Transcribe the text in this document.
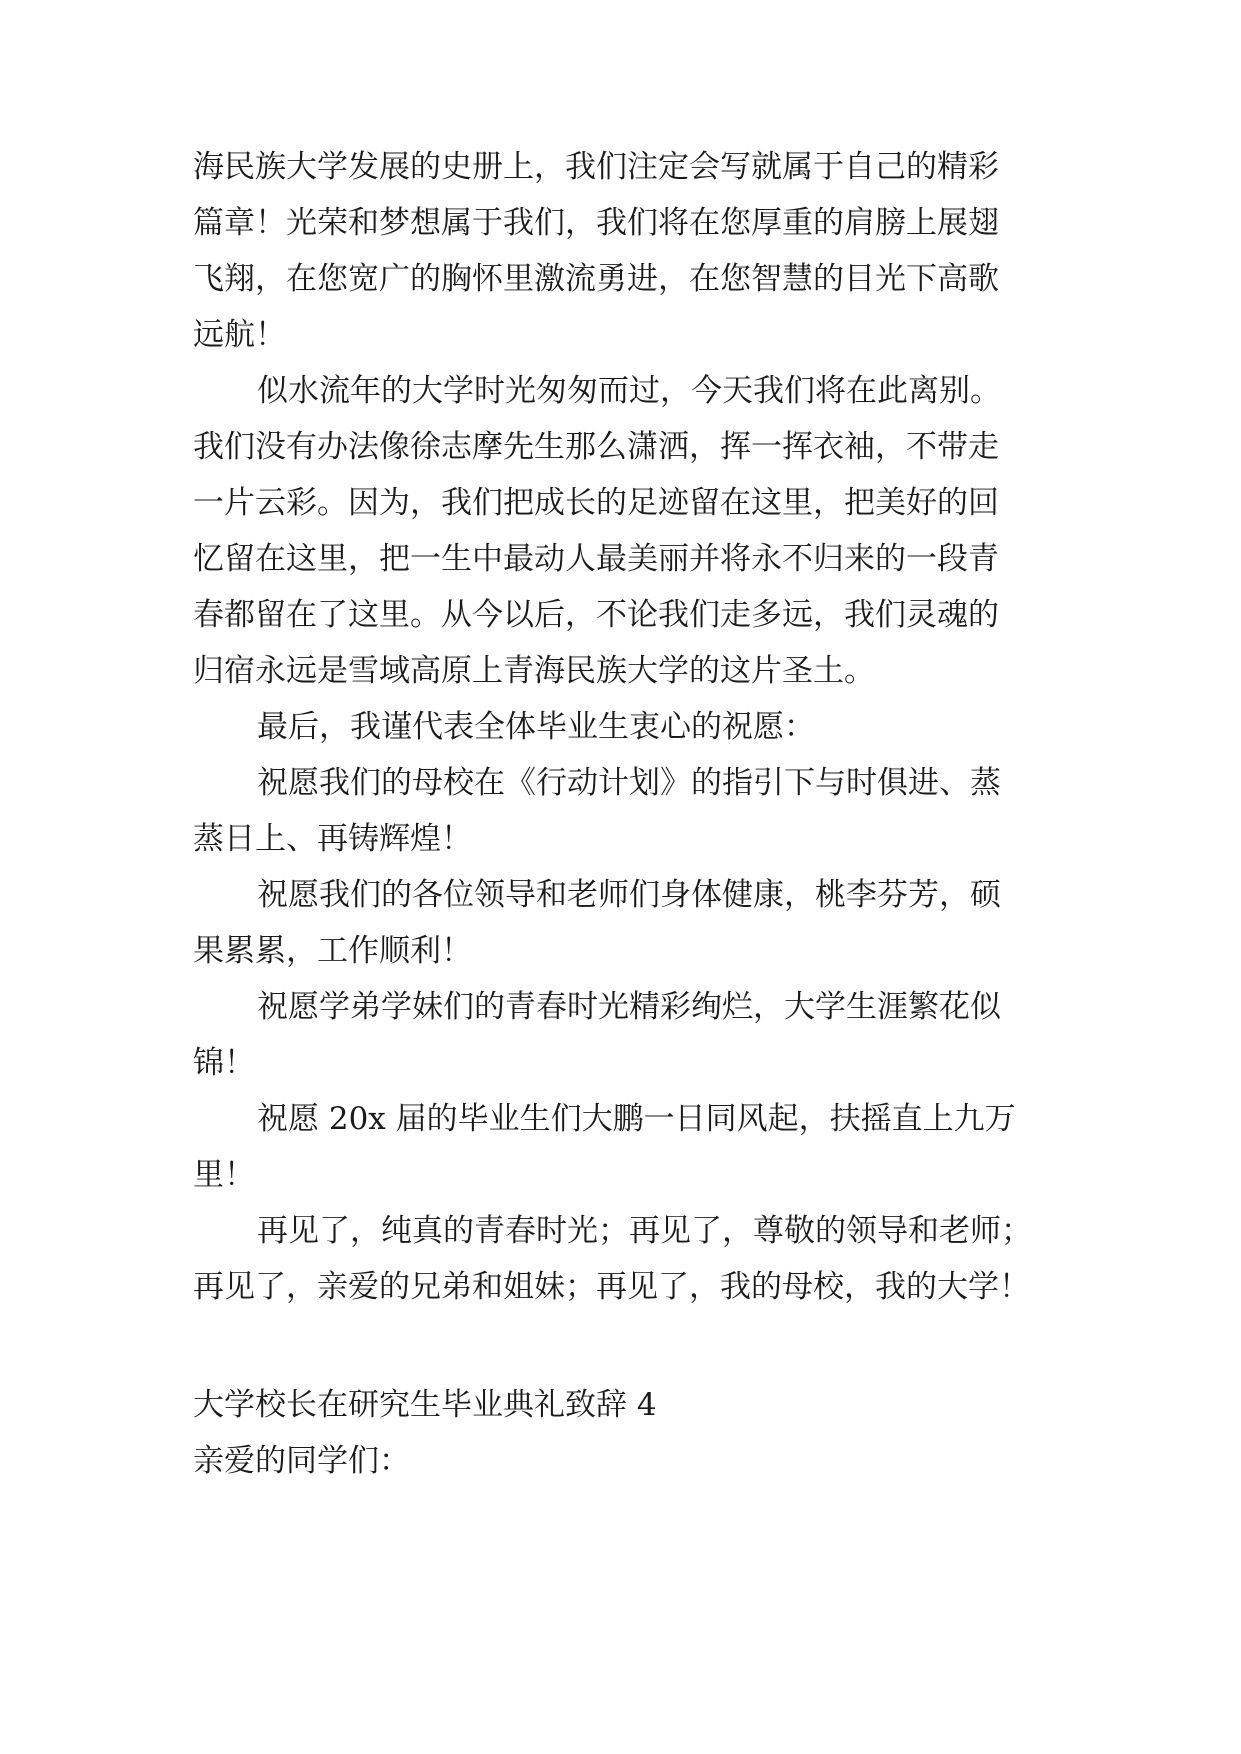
海民族大学发展的史册上，我们注定会写就属于自己的精彩
篇章！光荣和梦想属于我们，我们将在您厚重的肩膀上展翅
飞翔，在您宽广的胸怀里激流勇进，在您智慧的目光下高歌
远航！
似水流年的大学时光匆匆而过，今天我们将在此离别。
我们没有办法像徐志摩先生那么潇洒，挥一挥衣袖，不带走
一片云彩。因为，我们把成长的足迹留在这里，把美好的回
忆留在这里，把一生中最动人最美丽并将永不归来的一段青
春都留在了这里。从今以后，不论我们走多远，我们灵魂的
归宿永远是雪域高原上青海民族大学的这片圣土。
最后，我谨代表全体毕业生衷心的祝愿：
祝愿我们的母校在《行动计划》的指引下与时俱进、蒸
蒸日上、再铸辉煌！
祝愿我们的各位领导和老师们身体健康，桃李芬芳，硕
果累累，工作顺利！
祝愿学弟学妹们的青春时光精彩绚烂，大学生涯繁花似
锦！
祝愿 20x 届的毕业生们大鹏一日同风起，扶摇直上九万
里！
再见了，纯真的青春时光；再见了，尊敬的领导和老师；
再见了，亲爱的兄弟和姐妹；再见了，我的母校，我的大学！
大学校长在研究生毕业典礼致辞 4
亲爱的同学们：
